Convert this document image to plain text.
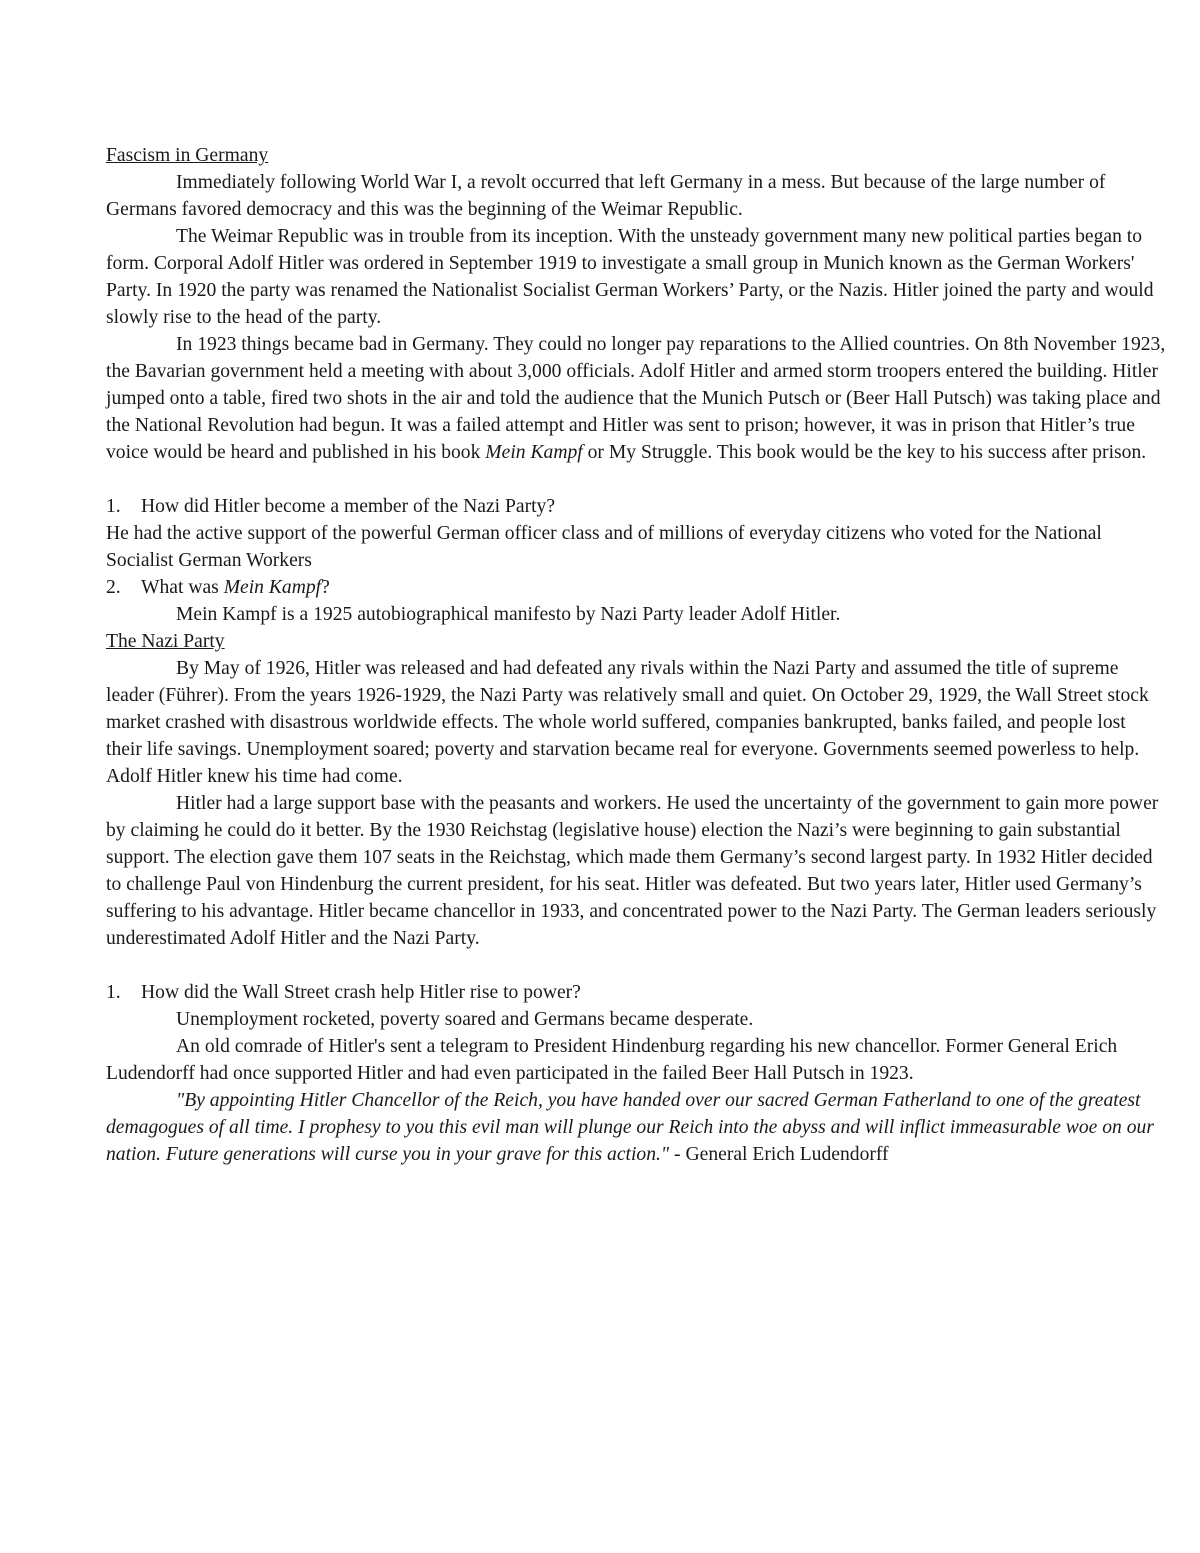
Fascism in Germany

Immediately following World War I, a revolt occurred that left Germany in a mess. But because of the large number of Germans favored democracy and this was the beginning of the Weimar Republic.

The Weimar Republic was in trouble from its inception. With the unsteady government many new political parties began to form. Corporal Adolf Hitler was ordered in September 1919 to investigate a small group in Munich known as the German Workers' Party. In 1920 the party was renamed the Nationalist Socialist German Workers’ Party, or the Nazis. Hitler joined the party and would slowly rise to the head of the party.

In 1923 things became bad in Germany. They could no longer pay reparations to the Allied countries. On 8th November 1923, the Bavarian government held a meeting with about 3,000 officials. Adolf Hitler and armed storm troopers entered the building. Hitler jumped onto a table, fired two shots in the air and told the audience that the Munich Putsch or (Beer Hall Putsch) was taking place and the National Revolution had begun. It was a failed attempt and Hitler was sent to prison; however, it was in prison that Hitler’s true voice would be heard and published in his book Mein Kampf or My Struggle. This book would be the key to his success after prison.

1.	How did Hitler become a member of the Nazi Party?

He had the active support of the powerful German officer class and of millions of everyday citizens who voted for the National Socialist German Workers

2.	What was Mein Kampf?

Mein Kampf is a 1925 autobiographical manifesto by Nazi Party leader Adolf Hitler.

The Nazi Party

By May of 1926, Hitler was released and had defeated any rivals within the Nazi Party and assumed the title of supreme leader (Führer). From the years 1926-1929, the Nazi Party was relatively small and quiet. On October 29, 1929, the Wall Street stock market crashed with disastrous worldwide effects. The whole world suffered, companies bankrupted, banks failed, and people lost their life savings. Unemployment soared; poverty and starvation became real for everyone. Governments seemed powerless to help. Adolf Hitler knew his time had come.

Hitler had a large support base with the peasants and workers. He used the uncertainty of the government to gain more power by claiming he could do it better. By the 1930 Reichstag (legislative house) election the Nazi’s were beginning to gain substantial support. The election gave them 107 seats in the Reichstag, which made them Germany’s second largest party. In 1932 Hitler decided to challenge Paul von Hindenburg the current president, for his seat. Hitler was defeated. But two years later, Hitler used Germany’s suffering to his advantage. Hitler became chancellor in 1933, and concentrated power to the Nazi Party. The German leaders seriously underestimated Adolf Hitler and the Nazi Party.

1.	How did the Wall Street crash help Hitler rise to power?

Unemployment rocketed, poverty soared and Germans became desperate.

An old comrade of Hitler's sent a telegram to President Hindenburg regarding his new chancellor. Former General Erich Ludendorff had once supported Hitler and had even participated in the failed Beer Hall Putsch in 1923.

"By appointing Hitler Chancellor of the Reich, you have handed over our sacred German Fatherland to one of the greatest demagogues of all time. I prophesy to you this evil man will plunge our Reich into the abyss and will inflict immeasurable woe on our nation. Future generations will curse you in your grave for this action." - General Erich Ludendorff
